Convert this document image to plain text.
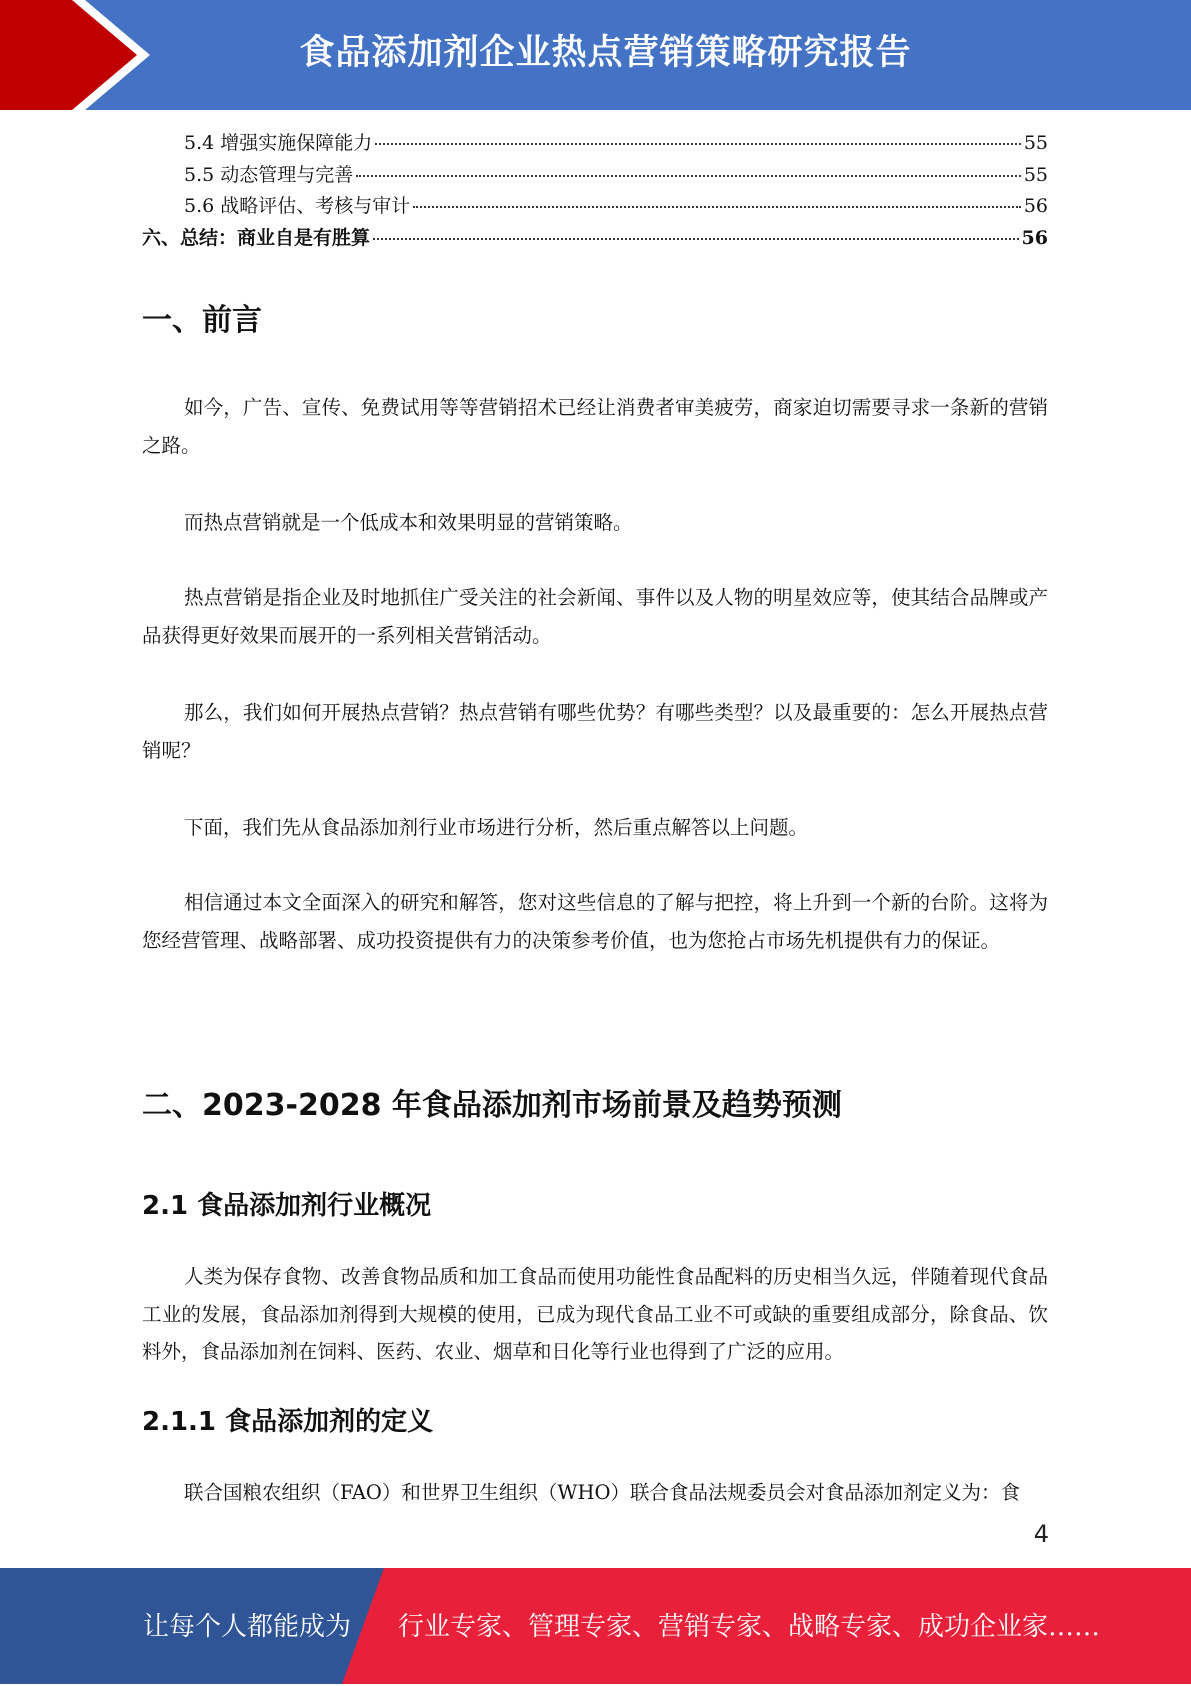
食品添加剂企业热点营销策略研究报告
5.4 增强实施保障能力	55
5.5 动态管理与完善	55
5.6 战略评估、考核与审计	56
六、总结：商业自是有胜算	56
一、前言
如今，广告、宣传、免费试用等等营销招术已经让消费者审美疲劳，商家迫切需要寻求一条新的营销之路。
而热点营销就是一个低成本和效果明显的营销策略。
热点营销是指企业及时地抓住广受关注的社会新闻、事件以及人物的明星效应等，使其结合品牌或产品获得更好效果而展开的一系列相关营销活动。
那么，我们如何开展热点营销？热点营销有哪些优势？有哪些类型？以及最重要的：怎么开展热点营销呢？
下面，我们先从食品添加剂行业市场进行分析，然后重点解答以上问题。
相信通过本文全面深入的研究和解答，您对这些信息的了解与把控，将上升到一个新的台阶。这将为您经营管理、战略部署、成功投资提供有力的决策参考价值，也为您抢占市场先机提供有力的保证。
二、2023-2028 年食品添加剂市场前景及趋势预测
2.1 食品添加剂行业概况
人类为保存食物、改善食物品质和加工食品而使用功能性食品配料的历史相当久远，伴随着现代食品工业的发展，食品添加剂得到大规模的使用，已成为现代食品工业不可或缺的重要组成部分，除食品、饮料外，食品添加剂在饲料、医药、农业、烟草和日化等行业也得到了广泛的应用。
2.1.1 食品添加剂的定义
联合国粮农组织（FAO）和世界卫生组织（WHO）联合食品法规委员会对食品添加剂定义为：食
4
让每个人都能成为 行业专家、管理专家、营销专家、战略专家、成功企业家……
